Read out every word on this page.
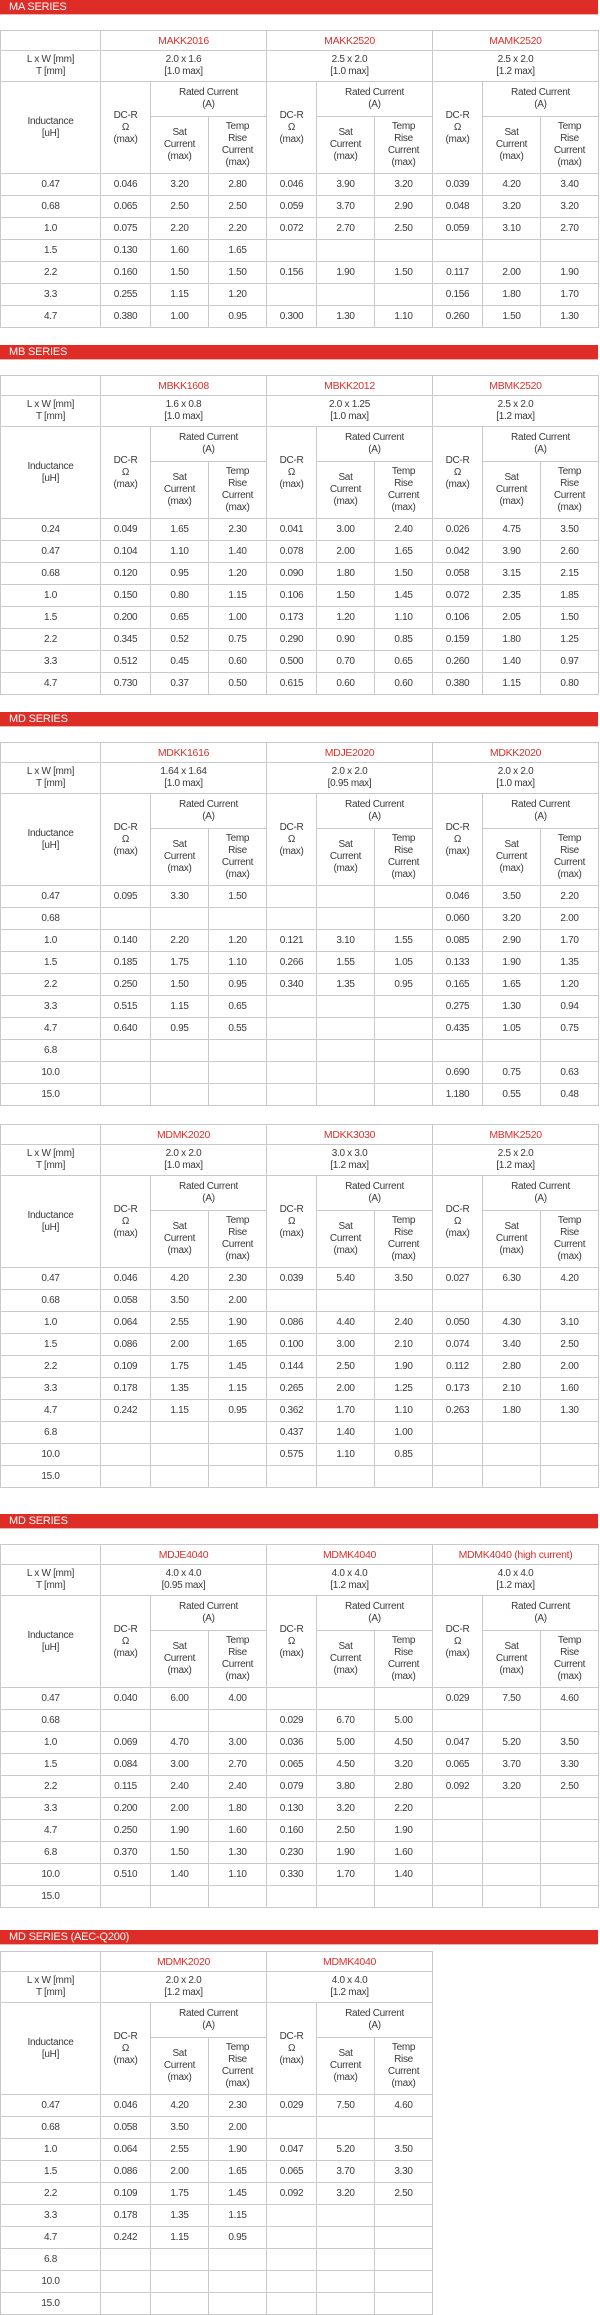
MA SERIES
	MAKK2016			MAKK2520			MAMK2520		

L x W [mm]
T [mm]	2.0 x 1.6
[1.0 max]			2.5 x 2.0
[1.0 max]			2.5 x 2.0
[1.2 max]		

Inductance
[uH]	DC-R
Ω
(max)	Rated Current
(A)		DC-R
Ω
(max)	Rated Current
(A)		DC-R
Ω
(max)	Rated Current
(A)	

		Sat
Current
(max)	Temp
Rise
Current
(max)		Sat
Current
(max)	Temp
Rise
Current
(max)		Sat
Current
(max)	Temp
Rise
Current
(max)

0.47	0.046	3.20	2.80	0.046	3.90	3.20	0.039	4.20	3.40
0.68	0.065	2.50	2.50	0.059	3.70	2.90	0.048	3.20	3.20
1.0	0.075	2.20	2.20	0.072	2.70	2.50	0.059	3.10	2.70
1.5	0.130	1.60	1.65						
2.2	0.160	1.50	1.50	0.156	1.90	1.50	0.117	2.00	1.90
3.3	0.255	1.15	1.20				0.156	1.80	1.70
4.7	0.380	1.00	0.95	0.300	1.30	1.10	0.260	1.50	1.30
MB SERIES
	MBKK1608			MBKK2012			MBMK2520		

L x W [mm]
T [mm]	1.6 x 0.8
[1.0 max]			2.0 x 1.25
[1.0 max]			2.5 x 2.0
[1.2 max]		

Inductance
[uH]	DC-R
Ω
(max)	Rated Current
(A)		DC-R
Ω
(max)	Rated Current
(A)		DC-R
Ω
(max)	Rated Current
(A)	

		Sat
Current
(max)	Temp
Rise
Current
(max)		Sat
Current
(max)	Temp
Rise
Current
(max)		Sat
Current
(max)	Temp
Rise
Current
(max)

0.24	0.049	1.65	2.30	0.041	3.00	2.40	0.026	4.75	3.50
0.47	0.104	1.10	1.40	0.078	2.00	1.65	0.042	3.90	2.60
0.68	0.120	0.95	1.20	0.090	1.80	1.50	0.058	3.15	2.15
1.0	0.150	0.80	1.15	0.106	1.50	1.45	0.072	2.35	1.85
1.5	0.200	0.65	1.00	0.173	1.20	1.10	0.106	2.05	1.50
2.2	0.345	0.52	0.75	0.290	0.90	0.85	0.159	1.80	1.25
3.3	0.512	0.45	0.60	0.500	0.70	0.65	0.260	1.40	0.97
4.7	0.730	0.37	0.50	0.615	0.60	0.60	0.380	1.15	0.80
MD SERIES
	MDKK1616			MDJE2020			MDKK2020		

L x W [mm]
T [mm]	1.64 x 1.64
[1.0 max]			2.0 x 2.0
[0.95 max]			2.0 x 2.0
[1.0 max]		

Inductance
[uH]	DC-R
Ω
(max)	Rated Current
(A)		DC-R
Ω
(max)	Rated Current
(A)		DC-R
Ω
(max)	Rated Current
(A)	

		Sat
Current
(max)	Temp
Rise
Current
(max)		Sat
Current
(max)	Temp
Rise
Current
(max)		Sat
Current
(max)	Temp
Rise
Current
(max)

0.47	0.095	3.30	1.50				0.046	3.50	2.20
0.68							0.060	3.20	2.00
1.0	0.140	2.20	1.20	0.121	3.10	1.55	0.085	2.90	1.70
1.5	0.185	1.75	1.10	0.266	1.55	1.05	0.133	1.90	1.35
2.2	0.250	1.50	0.95	0.340	1.35	0.95	0.165	1.65	1.20
3.3	0.515	1.15	0.65				0.275	1.30	0.94
4.7	0.640	0.95	0.55				0.435	1.05	0.75
6.8									
10.0							0.690	0.75	0.63
15.0							1.180	0.55	0.48
	MDMK2020			MDKK3030			MBMK2520		

L x W [mm]
T [mm]	2.0 x 2.0
[1.0 max]			3.0 x 3.0
[1.2 max]			2.5 x 2.0
[1.2 max]		

Inductance
[uH]	DC-R
Ω
(max)	Rated Current
(A)		DC-R
Ω
(max)	Rated Current
(A)		DC-R
Ω
(max)	Rated Current
(A)	

		Sat
Current
(max)	Temp
Rise
Current
(max)		Sat
Current
(max)	Temp
Rise
Current
(max)		Sat
Current
(max)	Temp
Rise
Current
(max)

0.47	0.046	4.20	2.30	0.039	5.40	3.50	0.027	6.30	4.20
0.68	0.058	3.50	2.00						
1.0	0.064	2.55	1.90	0.086	4.40	2.40	0.050	4.30	3.10
1.5	0.086	2.00	1.65	0.100	3.00	2.10	0.074	3.40	2.50
2.2	0.109	1.75	1.45	0.144	2.50	1.90	0.112	2.80	2.00
3.3	0.178	1.35	1.15	0.265	2.00	1.25	0.173	2.10	1.60
4.7	0.242	1.15	0.95	0.362	1.70	1.10	0.263	1.80	1.30
6.8				0.437	1.40	1.00			
10.0				0.575	1.10	0.85			
15.0									
MD SERIES
	MDJE4040			MDMK4040			MDMK4040 (high current)		

L x W [mm]
T [mm]	4.0 x 4.0
[0.95 max]			4.0 x 4.0
[1.2 max]			4.0 x 4.0
[1.2 max]		

Inductance
[uH]	DC-R
Ω
(max)	Rated Current
(A)		DC-R
Ω
(max)	Rated Current
(A)		DC-R
Ω
(max)	Rated Current
(A)	

		Sat
Current
(max)	Temp
Rise
Current
(max)		Sat
Current
(max)	Temp
Rise
Current
(max)		Sat
Current
(max)	Temp
Rise
Current
(max)

0.47	0.040	6.00	4.00				0.029	7.50	4.60
0.68				0.029	6.70	5.00			
1.0	0.069	4.70	3.00	0.036	5.00	4.50	0.047	5.20	3.50
1.5	0.084	3.00	2.70	0.065	4.50	3.20	0.065	3.70	3.30
2.2	0.115	2.40	2.40	0.079	3.80	2.80	0.092	3.20	2.50
3.3	0.200	2.00	1.80	0.130	3.20	2.20			
4.7	0.250	1.90	1.60	0.160	2.50	1.90			
6.8	0.370	1.50	1.30	0.230	1.90	1.60			
10.0	0.510	1.40	1.10	0.330	1.70	1.40			
15.0									
MD SERIES (AEC-Q200)
	MDMK2020			MDMK4040			

L x W [mm]
T [mm]	2.0 x 2.0
[1.2 max]			4.0 x 4.0
[1.2 max]			

Inductance
[uH]	DC-R
Ω
(max)	Rated Current
(A)		DC-R
Ω
(max)	Rated Current
(A)		

		Sat
Current
(max)	Temp
Rise
Current
(max)		Sat
Current
(max)	Temp
Rise
Current
(max)	

0.47	0.046	4.20	2.30	0.029	7.50	4.60	
0.68	0.058	3.50	2.00				
1.0	0.064	2.55	1.90	0.047	5.20	3.50	
1.5	0.086	2.00	1.65	0.065	3.70	3.30	
2.2	0.109	1.75	1.45	0.092	3.20	2.50	
3.3	0.178	1.35	1.15				
4.7	0.242	1.15	0.95				
6.8							
10.0							
15.0							
